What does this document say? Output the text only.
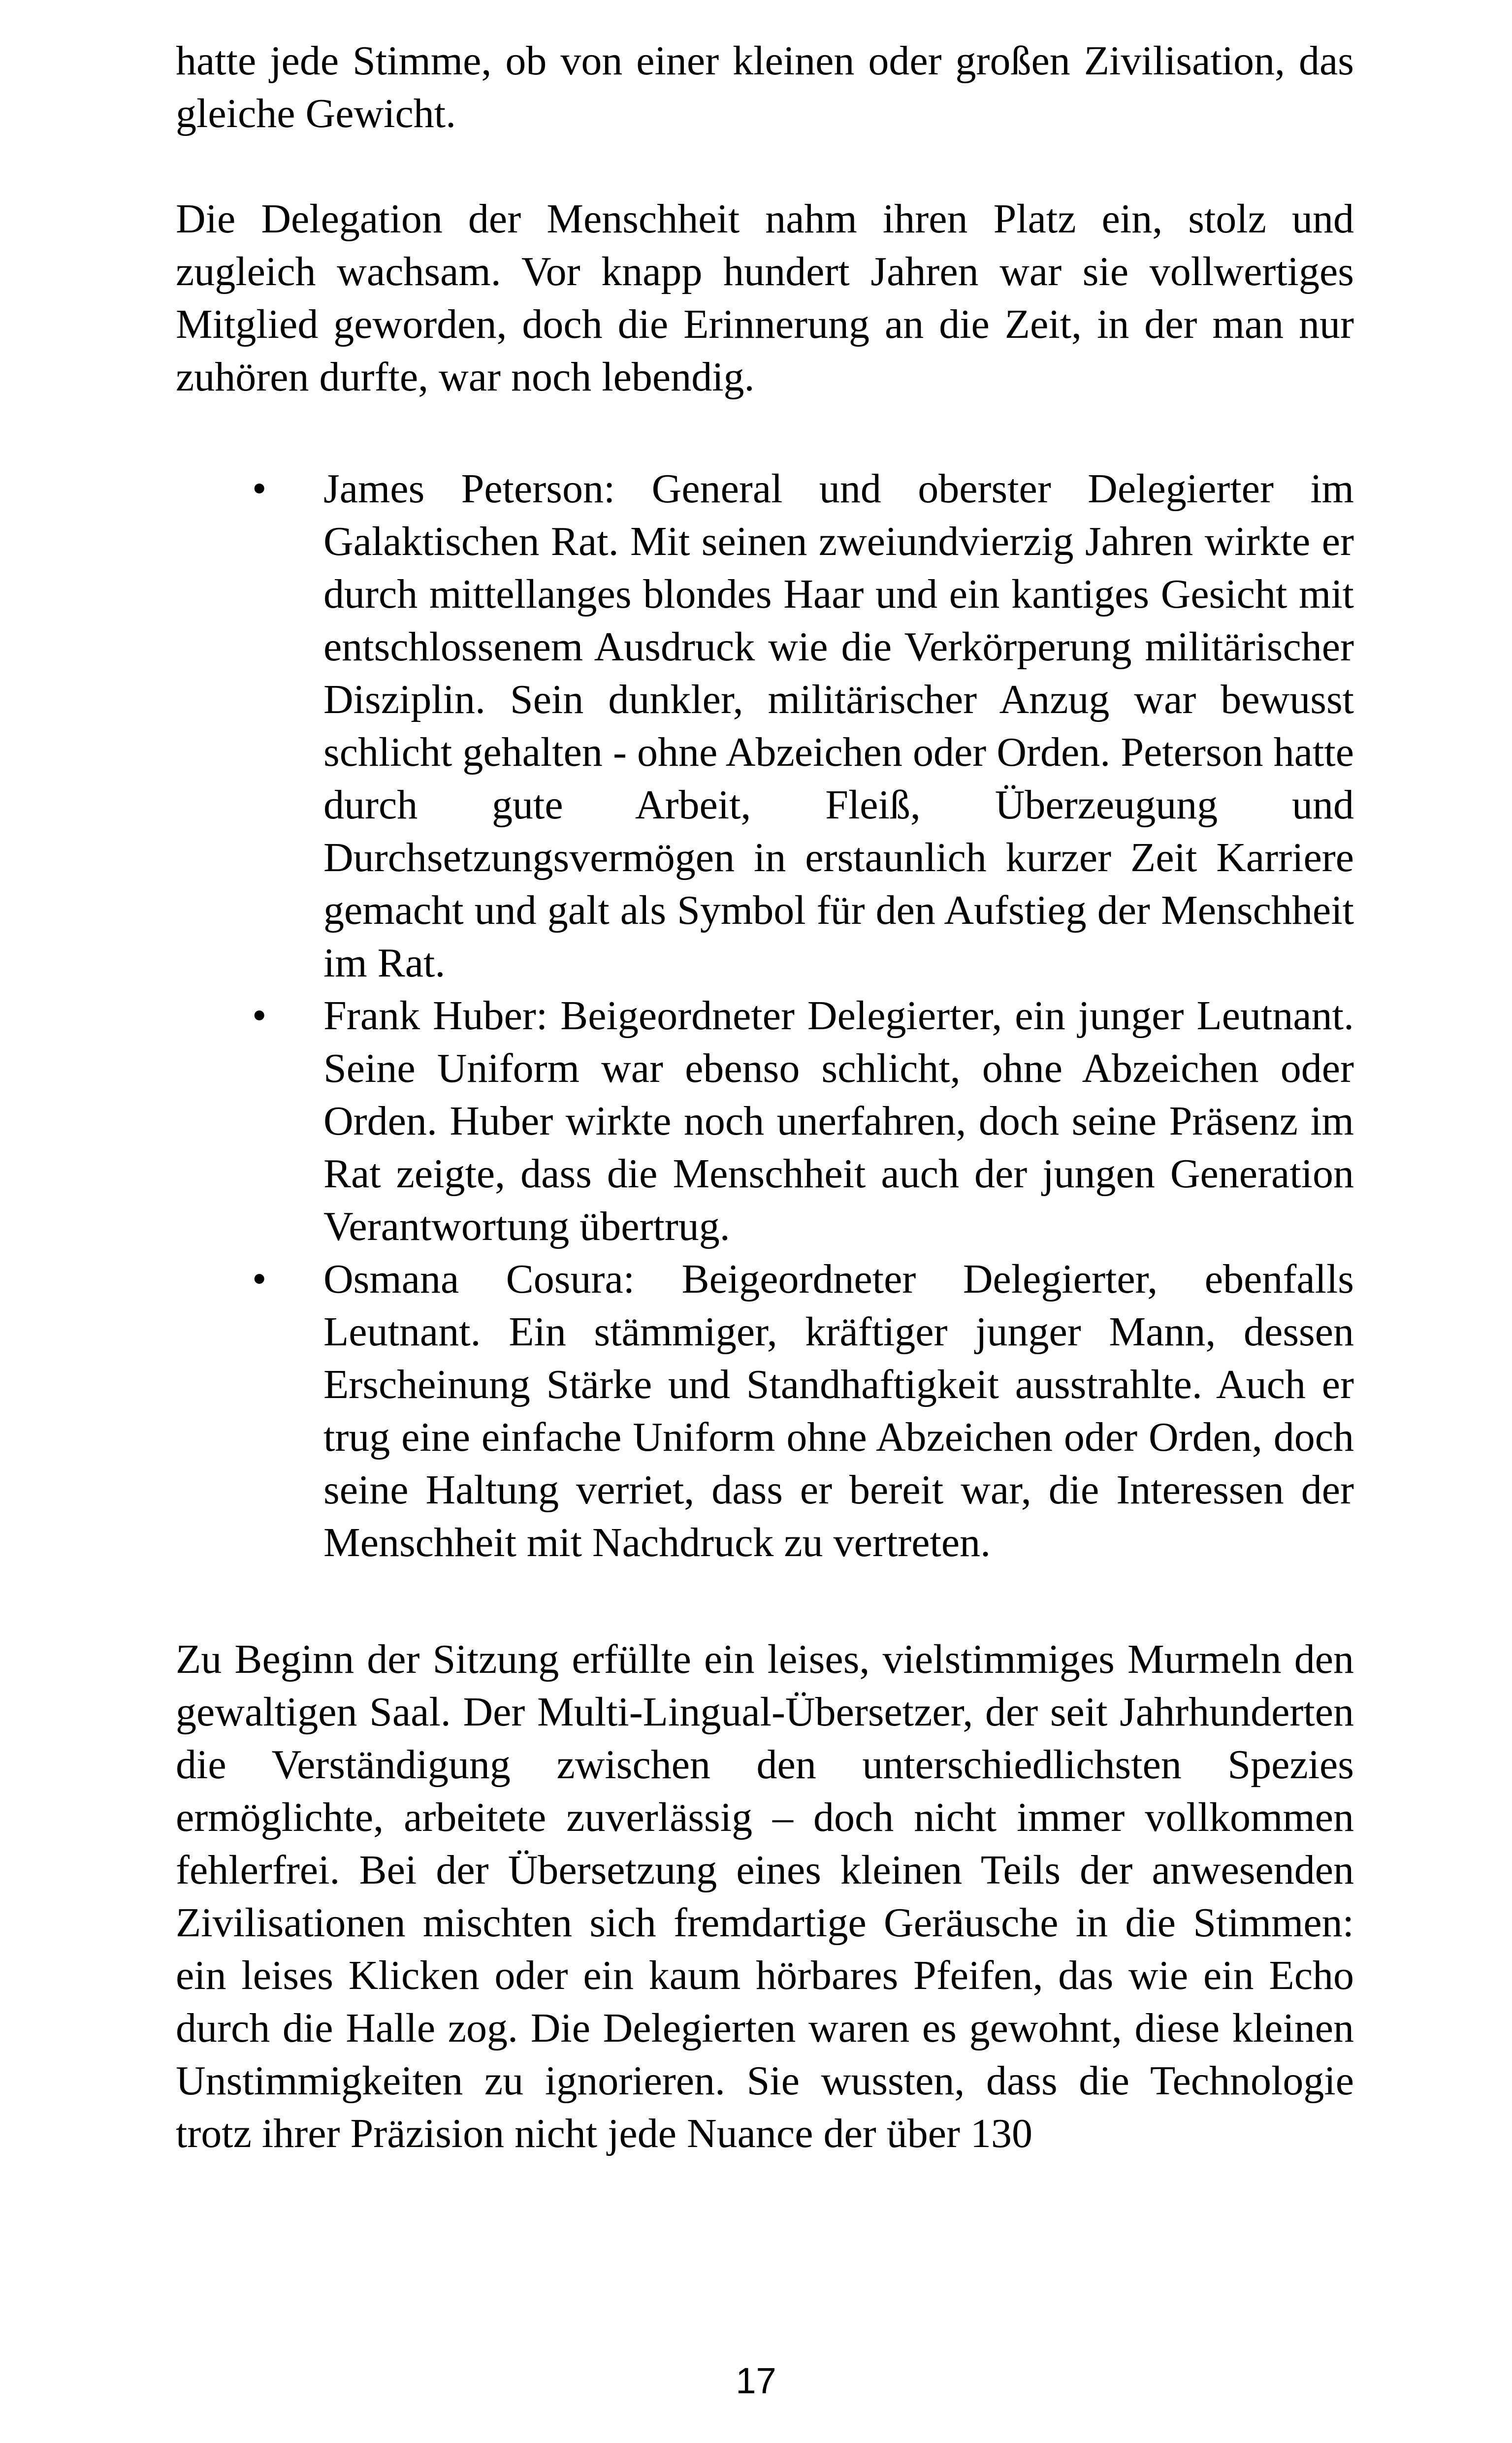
hatte jede Stimme, ob von einer kleinen oder großen Zivilisation, das gleiche Gewicht.

Die Delegation der Menschheit nahm ihren Platz ein, stolz und zugleich wachsam. Vor knapp hundert Jahren war sie vollwertiges Mitglied geworden, doch die Erinnerung an die Zeit, in der man nur zuhören durfte, war noch lebendig.

• James Peterson: General und oberster Delegierter im Galaktischen Rat. Mit seinen zweiundvierzig Jahren wirkte er durch mittellanges blondes Haar und ein kantiges Gesicht mit entschlossenem Ausdruck wie die Verkörperung militärischer Disziplin. Sein dunkler, militärischer Anzug war bewusst schlicht gehalten - ohne Abzeichen oder Orden. Peterson hatte durch gute Arbeit, Fleiß, Überzeugung und Durchsetzungsvermögen in erstaunlich kurzer Zeit Karriere gemacht und galt als Symbol für den Aufstieg der Menschheit im Rat.
• Frank Huber: Beigeordneter Delegierter, ein junger Leutnant. Seine Uniform war ebenso schlicht, ohne Abzeichen oder Orden. Huber wirkte noch unerfahren, doch seine Präsenz im Rat zeigte, dass die Menschheit auch der jungen Generation Verantwortung übertrug.
• Osmana Cosura: Beigeordneter Delegierter, ebenfalls Leutnant. Ein stämmiger, kräftiger junger Mann, dessen Erscheinung Stärke und Standhaftigkeit ausstrahlte. Auch er trug eine einfache Uniform ohne Abzeichen oder Orden, doch seine Haltung verriet, dass er bereit war, die Interessen der Menschheit mit Nachdruck zu vertreten.

Zu Beginn der Sitzung erfüllte ein leises, vielstimmiges Murmeln den gewaltigen Saal. Der Multi-Lingual-Übersetzer, der seit Jahrhunderten die Verständigung zwischen den unterschiedlichsten Spezies ermöglichte, arbeitete zuverlässig – doch nicht immer vollkommen fehlerfrei. Bei der Übersetzung eines kleinen Teils der anwesenden Zivilisationen mischten sich fremdartige Geräusche in die Stimmen: ein leises Klicken oder ein kaum hörbares Pfeifen, das wie ein Echo durch die Halle zog. Die Delegierten waren es gewohnt, diese kleinen Unstimmigkeiten zu ignorieren. Sie wussten, dass die Technologie trotz ihrer Präzision nicht jede Nuance der über 130

17
